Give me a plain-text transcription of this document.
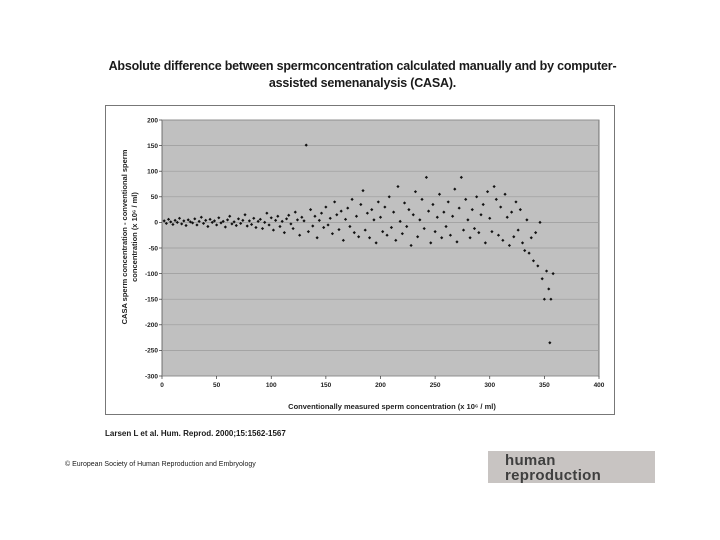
Absolute difference between spermconcentration calculated manually and by computer-
assisted semenanalysis (CASA).
200
150
100
50
0
-50
-100
-150
-200
-250
-300
0	50	100	150	200	250	300	350	400
Conventionally measured sperm concentration (x 10⁶ / ml)
CASA sperm concentration - conventional sperm concentration (x 10⁶ / ml)
Larsen L et al. Hum. Reprod. 2000;15:1562-1567
© European Society of Human Reproduction and Embryology	human
reproduction
